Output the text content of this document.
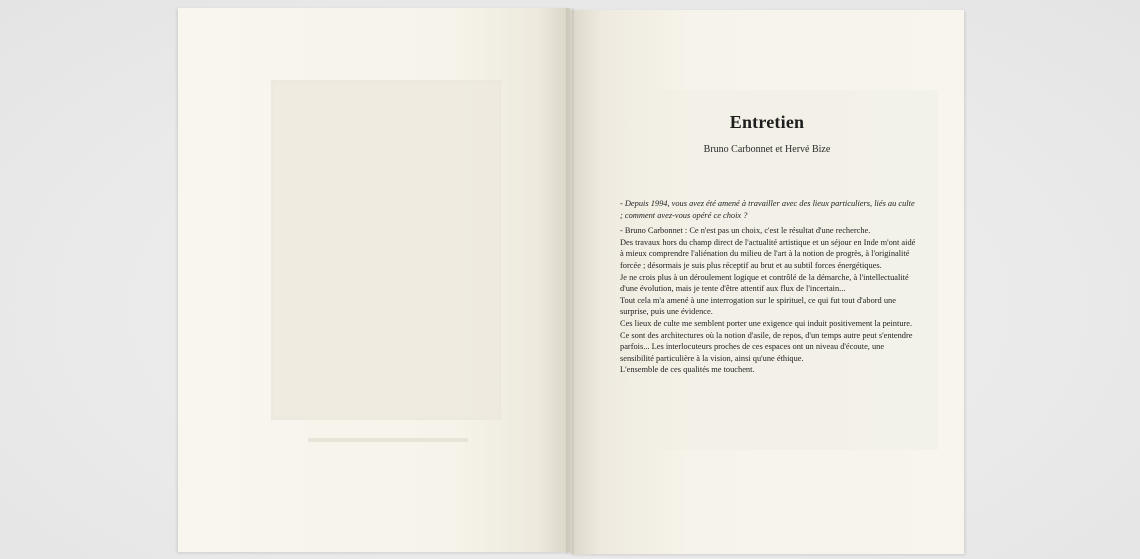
Entretien

Bruno Carbonnet et Hervé Bize

- Depuis 1994, vous avez été amené à travailler avec des lieux particuliers, liés au culte ; comment avez-vous opéré ce choix ?

- Bruno Carbonnet : Ce n'est pas un choix, c'est le résultat d'une recherche.

Des travaux hors du champ direct de l'actualité artistique et un séjour en Inde m'ont aidé à mieux comprendre l'aliénation du milieu de l'art à la notion de progrès, à l'originalité forcée ; désormais je suis plus réceptif au brut et au subtil forces énergétiques.

Je ne crois plus à un déroulement logique et contrôlé de la démarche, à l'intellectualité d'une évolution, mais je tente d'être attentif aux flux de l'incertain...

Tout cela m'a amené à une interrogation sur le spirituel, ce qui fut tout d'abord une surprise, puis une évidence.

Ces lieux de culte me semblent porter une exigence qui induit positivement la peinture. Ce sont des architectures où la notion d'asile, de repos, d'un temps autre peut s'entendre parfois... Les interlocuteurs proches de ces espaces ont un niveau d'écoute, une sensibilité particulière à la vision, ainsi qu'une éthique.

L'ensemble de ces qualités me touchent.
